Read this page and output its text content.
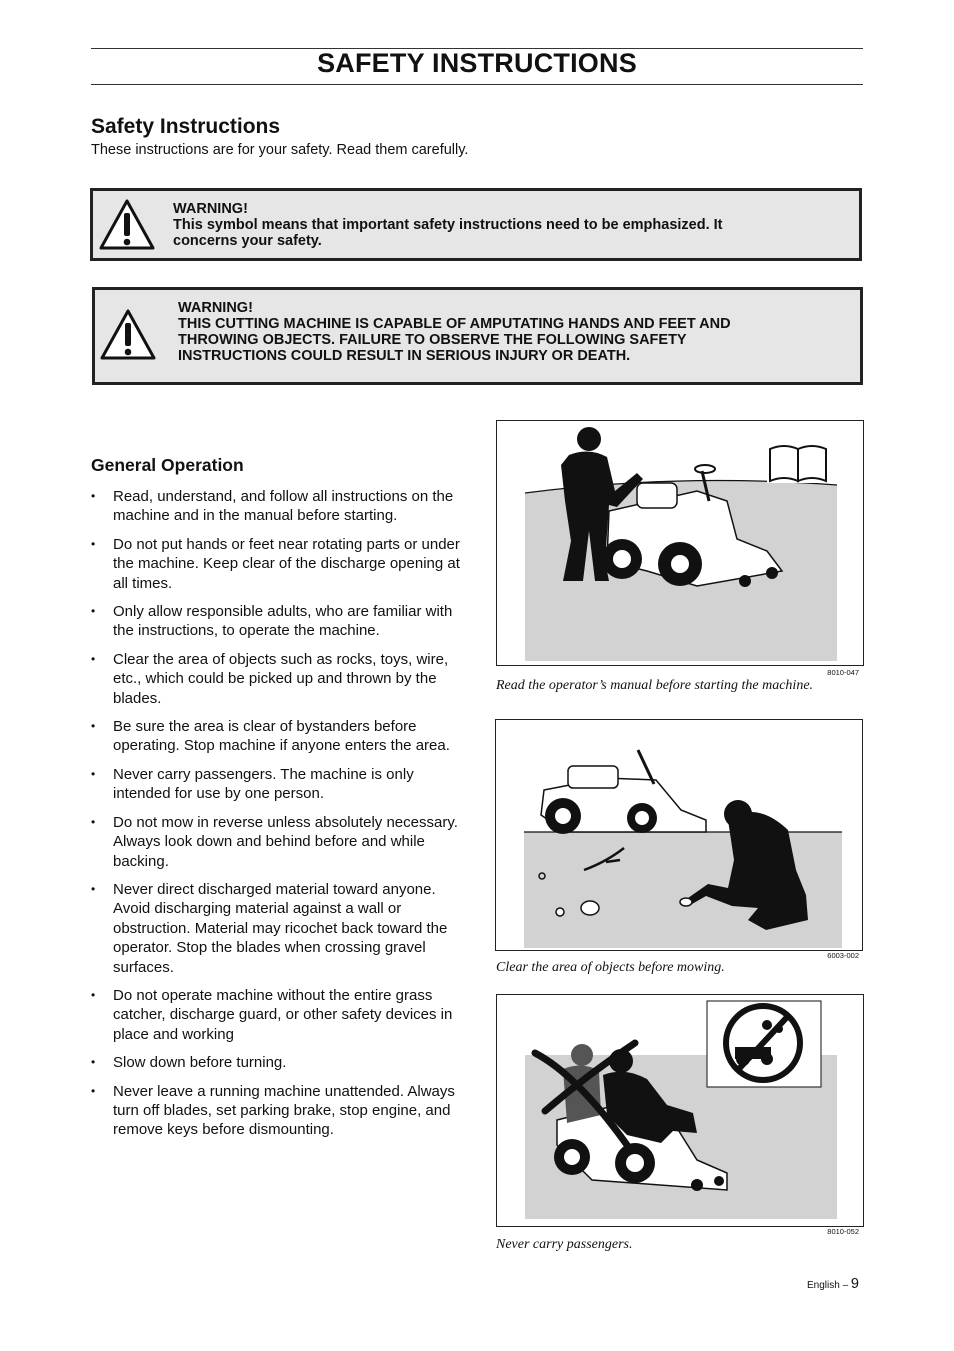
SAFETY INSTRUCTIONS
Safety Instructions
These instructions are for your safety. Read them carefully.
WARNING!
This symbol means that important safety instructions need to be emphasized. It
concerns your safety.
WARNING!
THIS CUTTING MACHINE IS CAPABLE OF AMPUTATING HANDS AND FEET AND
THROWING OBJECTS. FAILURE TO OBSERVE THE FOLLOWING SAFETY
INSTRUCTIONS COULD RESULT IN SERIOUS INJURY OR DEATH.
General Operation
• Read, understand, and follow all instructions on the machine and in the manual before starting.
• Do not put hands or feet near rotating parts or under the machine. Keep clear of the discharge opening at all times.
• Only allow responsible adults, who are familiar with the instructions, to operate the machine.
• Clear the area of objects such as rocks, toys, wire, etc., which could be picked up and thrown by the blades.
• Be sure the area is clear of bystanders before operating. Stop machine if anyone enters the area.
• Never carry passengers. The machine is only intended for use by one person.
• Do not mow in reverse unless absolutely necessary. Always look down and behind before and while backing.
• Never direct discharged material toward anyone. Avoid discharging material against a wall or obstruction. Material may ricochet back toward the operator. Stop the blades when crossing gravel surfaces.
• Do not operate machine without the entire grass catcher, discharge guard, or other safety devices in place and working
• Slow down before turning.
• Never leave a running machine unattended. Always turn off blades, set parking brake, stop engine, and remove keys before dismounting.
8010-047
Read the operator’s manual before starting the machine.
6003-002
Clear the area of objects before mowing.
8010-052
Never carry passengers.
English – 9
